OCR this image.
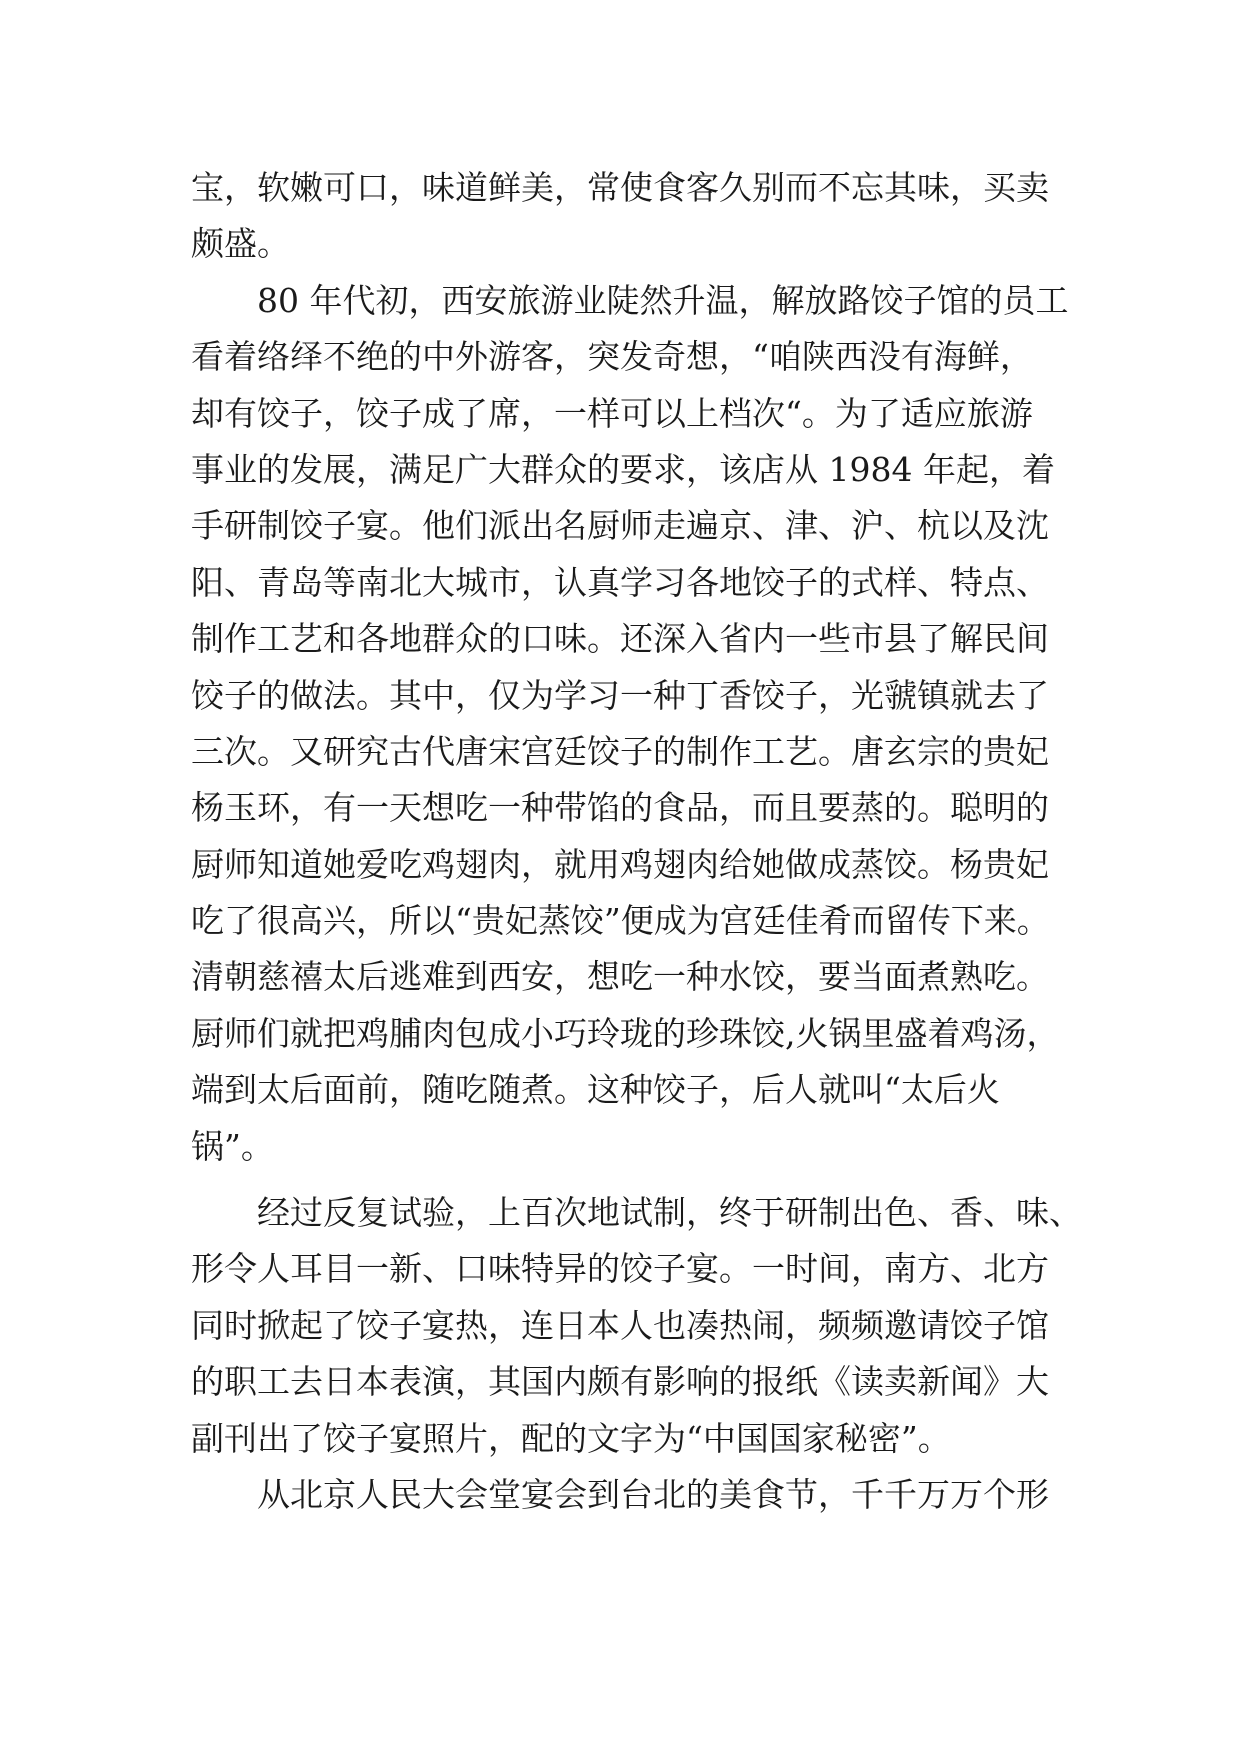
宝，软嫩可口，味道鲜美，常使食客久别而不忘其味，买卖
颇盛。
　　80 年代初，西安旅游业陡然升温，解放路饺子馆的员工
看着络绎不绝的中外游客，突发奇想，“咱陕西没有海鲜，
却有饺子，饺子成了席，一样可以上档次“。为了适应旅游
事业的发展，满足广大群众的要求，该店从 1984 年起，着
手研制饺子宴。他们派出名厨师走遍京、津、沪、杭以及沈
阳、青岛等南北大城市，认真学习各地饺子的式样、特点、
制作工艺和各地群众的口味。还深入省内一些市县了解民间
饺子的做法。其中，仅为学习一种丁香饺子，光虢镇就去了
三次。又研究古代唐宋宫廷饺子的制作工艺。唐玄宗的贵妃
杨玉环，有一天想吃一种带馅的食品，而且要蒸的。聪明的
厨师知道她爱吃鸡翅肉，就用鸡翅肉给她做成蒸饺。杨贵妃
吃了很高兴，所以“贵妃蒸饺”便成为宫廷佳肴而留传下来。
清朝慈禧太后逃难到西安，想吃一种水饺，要当面煮熟吃。
厨师们就把鸡脯肉包成小巧玲珑的珍珠饺,火锅里盛着鸡汤，
端到太后面前，随吃随煮。这种饺子，后人就叫“太后火
锅”。
　　经过反复试验，上百次地试制，终于研制出色、香、味、
形令人耳目一新、口味特异的饺子宴。一时间，南方、北方
同时掀起了饺子宴热，连日本人也凑热闹，频频邀请饺子馆
的职工去日本表演，其国内颇有影响的报纸《读卖新闻》大
副刊出了饺子宴照片，配的文字为“中国国家秘密”。
　　从北京人民大会堂宴会到台北的美食节，千千万万个形
